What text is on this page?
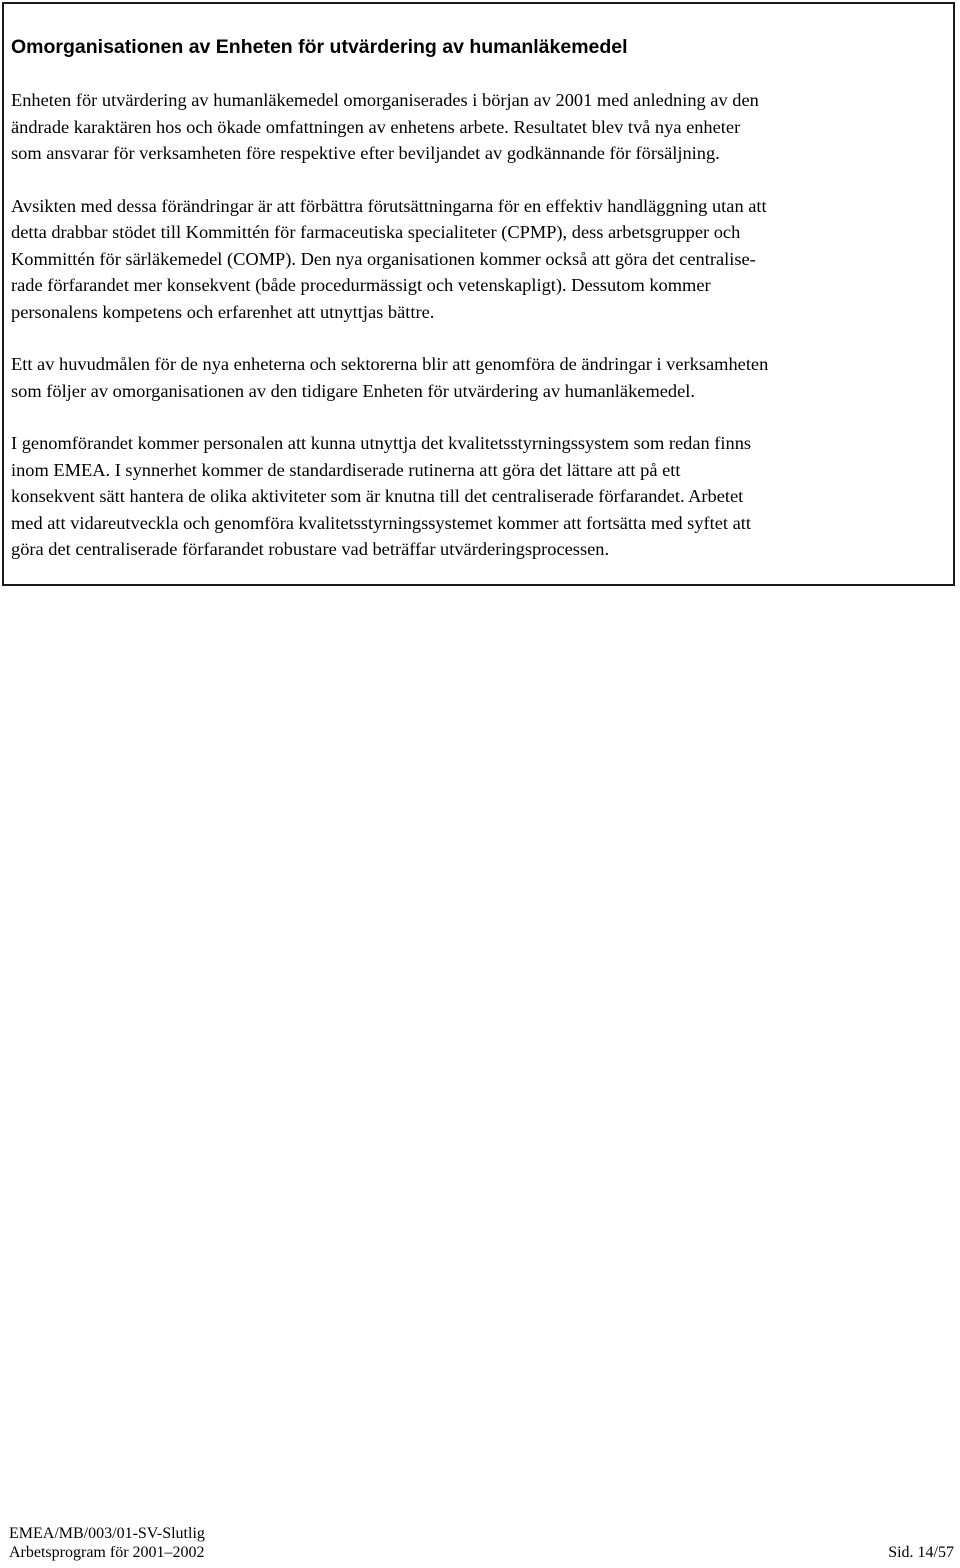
Omorganisationen av Enheten för utvärdering av humanläkemedel
Enheten för utvärdering av humanläkemedel omorganiserades i början av 2001 med anledning av den
ändrade karaktären hos och ökade omfattningen av enhetens arbete. Resultatet blev två nya enheter
som ansvarar för verksamheten före respektive efter beviljandet av godkännande för försäljning.
Avsikten med dessa förändringar är att förbättra förutsättningarna för en effektiv handläggning utan att
detta drabbar stödet till Kommittén för farmaceutiska specialiteter (CPMP), dess arbetsgrupper och
Kommittén för särläkemedel (COMP). Den nya organisationen kommer också att göra det centralise-
rade förfarandet mer konsekvent (både procedurmässigt och vetenskapligt). Dessutom kommer
personalens kompetens och erfarenhet att utnyttjas bättre.
Ett av huvudmålen för de nya enheterna och sektorerna blir att genomföra de ändringar i verksamheten
som följer av omorganisationen av den tidigare Enheten för utvärdering av humanläkemedel.
I genomförandet kommer personalen att kunna utnyttja det kvalitetsstyrningssystem som redan finns
inom EMEA. I synnerhet kommer de standardiserade rutinerna att göra det lättare att på ett
konsekvent sätt hantera de olika aktiviteter som är knutna till det centraliserade förfarandet. Arbetet
med att vidareutveckla och genomföra kvalitetsstyrningssystemet kommer att fortsätta med syftet att
göra det centraliserade förfarandet robustare vad beträffar utvärderingsprocessen.
EMEA/MB/003/01-SV-Slutlig
Arbetsprogram för 2001–2002	Sid. 14/57
